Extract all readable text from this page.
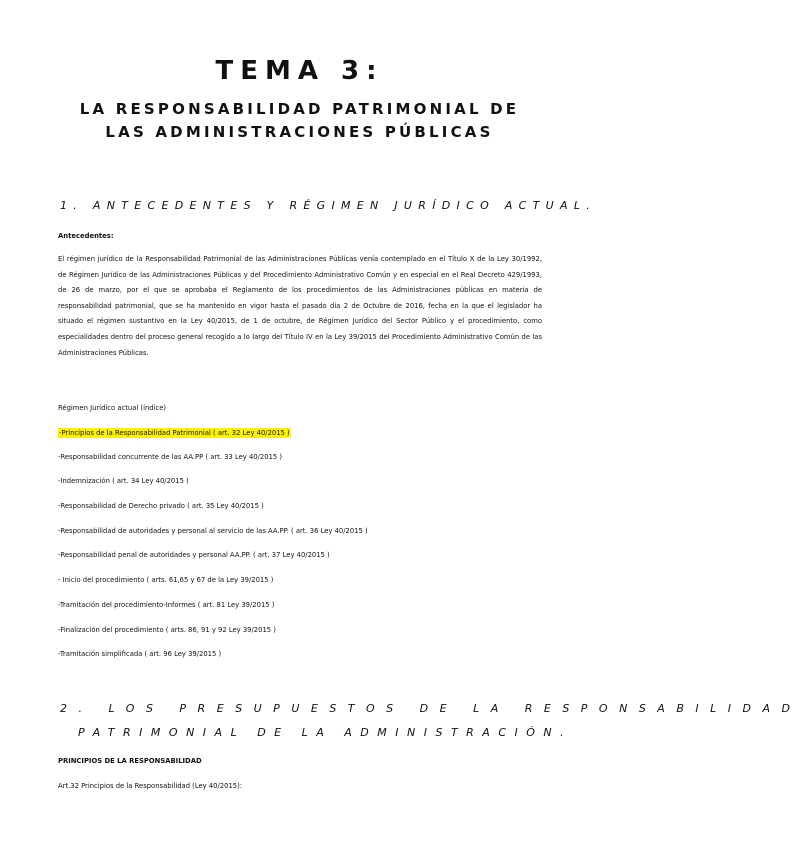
TEMA 3:
LA RESPONSABILIDAD PATRIMONIAL DE
LAS ADMINISTRACIONES PÚBLICAS
1. ANTECEDENTES Y RÉGIMEN JURÍDICO ACTUAL.
Antecedentes:

El régimen jurídico de la Responsabilidad Patrimonial de las Administraciones Públicas venía contemplado en el Título X de la Ley 30/1992, de Régimen Jurídico de las Administraciones Públicas y del Procedimiento Administrativo Común y en especial en el Real Decreto 429/1993, de 26 de marzo, por el que se aprobaba el Reglamento de los procedimientos de las Administraciones públicas en materia de responsabilidad patrimonial, que se ha mantenido en vigor hasta el pasado día 2 de Octubre de 2016, fecha en la que el legislador ha situado el régimen sustantivo en la Ley 40/2015, de 1 de octubre, de Régimen Jurídico del Sector Público y el procedimiento, como especialidades dentro del proceso general recogido a lo largo del Título IV en la Ley 39/2015 del Procedimiento Administrativo Común de las Administraciones Públicas.

Régimen Jurídico actual (índice)
-Principios de la Responsabilidad Patrimonial ( art. 32 Ley 40/2015 )
-Responsabilidad concurrente de las AA.PP ( art. 33 Ley 40/2015 )
-Indemnización ( art. 34 Ley 40/2015 )
-Responsabilidad de Derecho privado ( art. 35 Ley 40/2015 )
-Responsabilidad de autoridades y personal al servicio de las AA.PP. ( art. 36 Ley 40/2015 )
-Responsabilidad penal de autoridades y personal AA.PP. ( art. 37 Ley 40/2015 )
- Inicio del procedimiento ( arts. 61,65 y 67 de la Ley 39/2015 )
-Tramitación del procedimiento-Informes ( art. 81 Ley 39/2015 )
-Finalización del procedimiento ( arts. 86, 91 y 92 Ley 39/2015 )
-Tramitación simplificada ( art. 96 Ley 39/2015 )
2. LOS PRESUPUESTOS DE LA RESPONSABILIDAD
PATRIMONIAL DE LA ADMINISTRACIÓN.
PRINCIPIOS DE LA RESPONSABILIDAD
Art.32 Principios de la Responsabilidad (Ley 40/2015):
